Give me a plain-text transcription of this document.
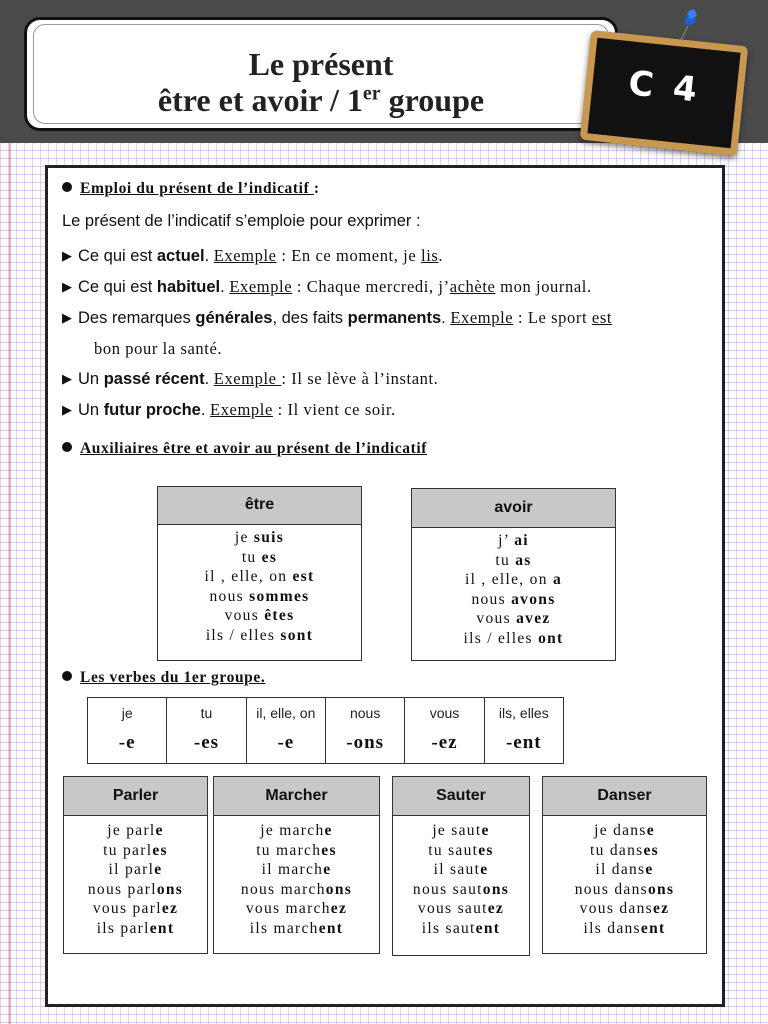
Le présent
être et avoir / 1er groupe	C 4
Emploi du présent de l’indicatif :
Le présent de l’indicatif s’emploie pour exprimer :
▶ Ce qui est actuel. Exemple : En ce moment, je lis.
▶ Ce qui est habituel. Exemple : Chaque mercredi, j’achète mon journal.
▶ Des remarques générales, des faits permanents. Exemple : Le sport est
bon pour la santé.
▶ Un passé récent. Exemple : Il se lève à l’instant.
▶ Un futur proche. Exemple : Il vient ce soir.
Auxiliaires être et avoir au présent de l’indicatif
être
je suis
tu es
il , elle, on est
nous sommes
vous êtes
ils / elles sont
avoir
j’ ai
tu as
il , elle, on a
nous avons
vous avez
ils / elles ont
Les verbes du 1er groupe.
je
-e
tu
-es
il, elle, on
-e
nous
-ons
vous
-ez
ils, elles
-ent
Parler
je parle
tu parles
il parle
nous parlons
vous parlez
ils parlent
Marcher
je marche
tu marches
il marche
nous marchons
vous marchez
ils marchent
Sauter
je saute
tu sautes
il saute
nous sautons
vous sautez
ils sautent
Danser
je danse
tu danses
il danse
nous dansons
vous dansez
ils dansent
